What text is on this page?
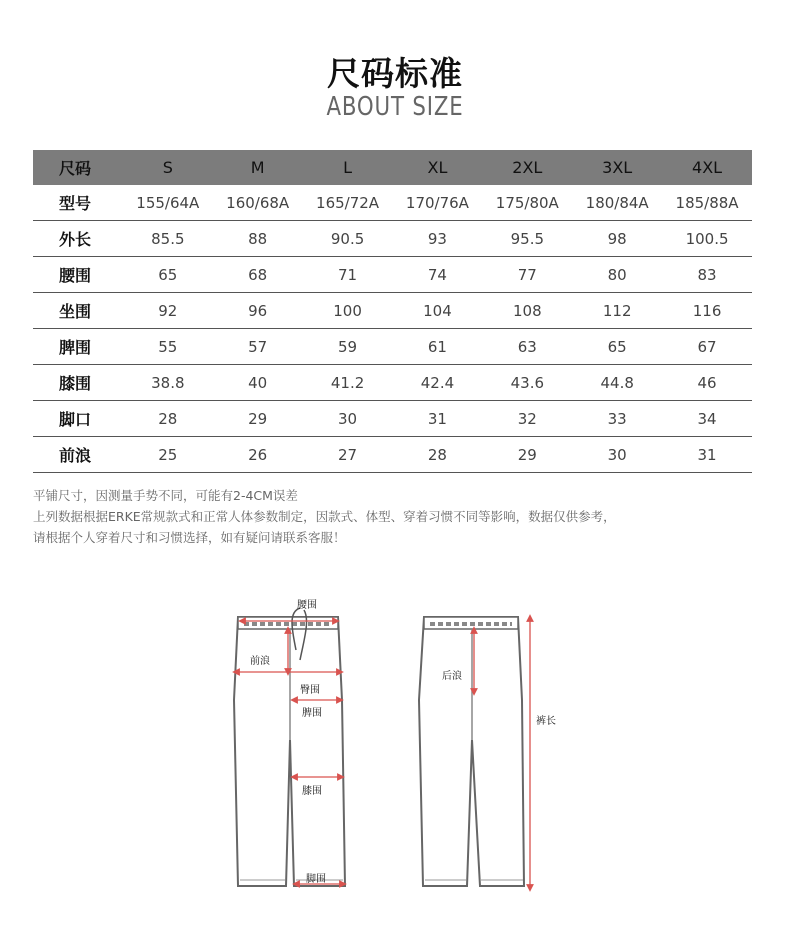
尺码标准
ABOUT SIZE
尺码	S	M	L	XL	2XL	3XL	4XL
型号	155/64A	160/68A	165/72A	170/76A	175/80A	180/84A	185/88A
外长	85.5	88	90.5	93	95.5	98	100.5
腰围	65	68	71	74	77	80	83
坐围	92	96	100	104	108	112	116
脾围	55	57	59	61	63	65	67
膝围	38.8	40	41.2	42.4	43.6	44.8	46
脚口	28	29	30	31	32	33	34
前浪	25	26	27	28	29	30	31
平铺尺寸，因测量手势不同，可能有2-4CM误差
上列数据根据ERKE常规款式和正常人体参数制定，因款式、体型、穿着习惯不同等影响，数据仅供参考，
请根据个人穿着尺寸和习惯选择，如有疑问请联系客服！
腰围
前浪
臀围
脾围
膝围
脚围
后浪
裤长
